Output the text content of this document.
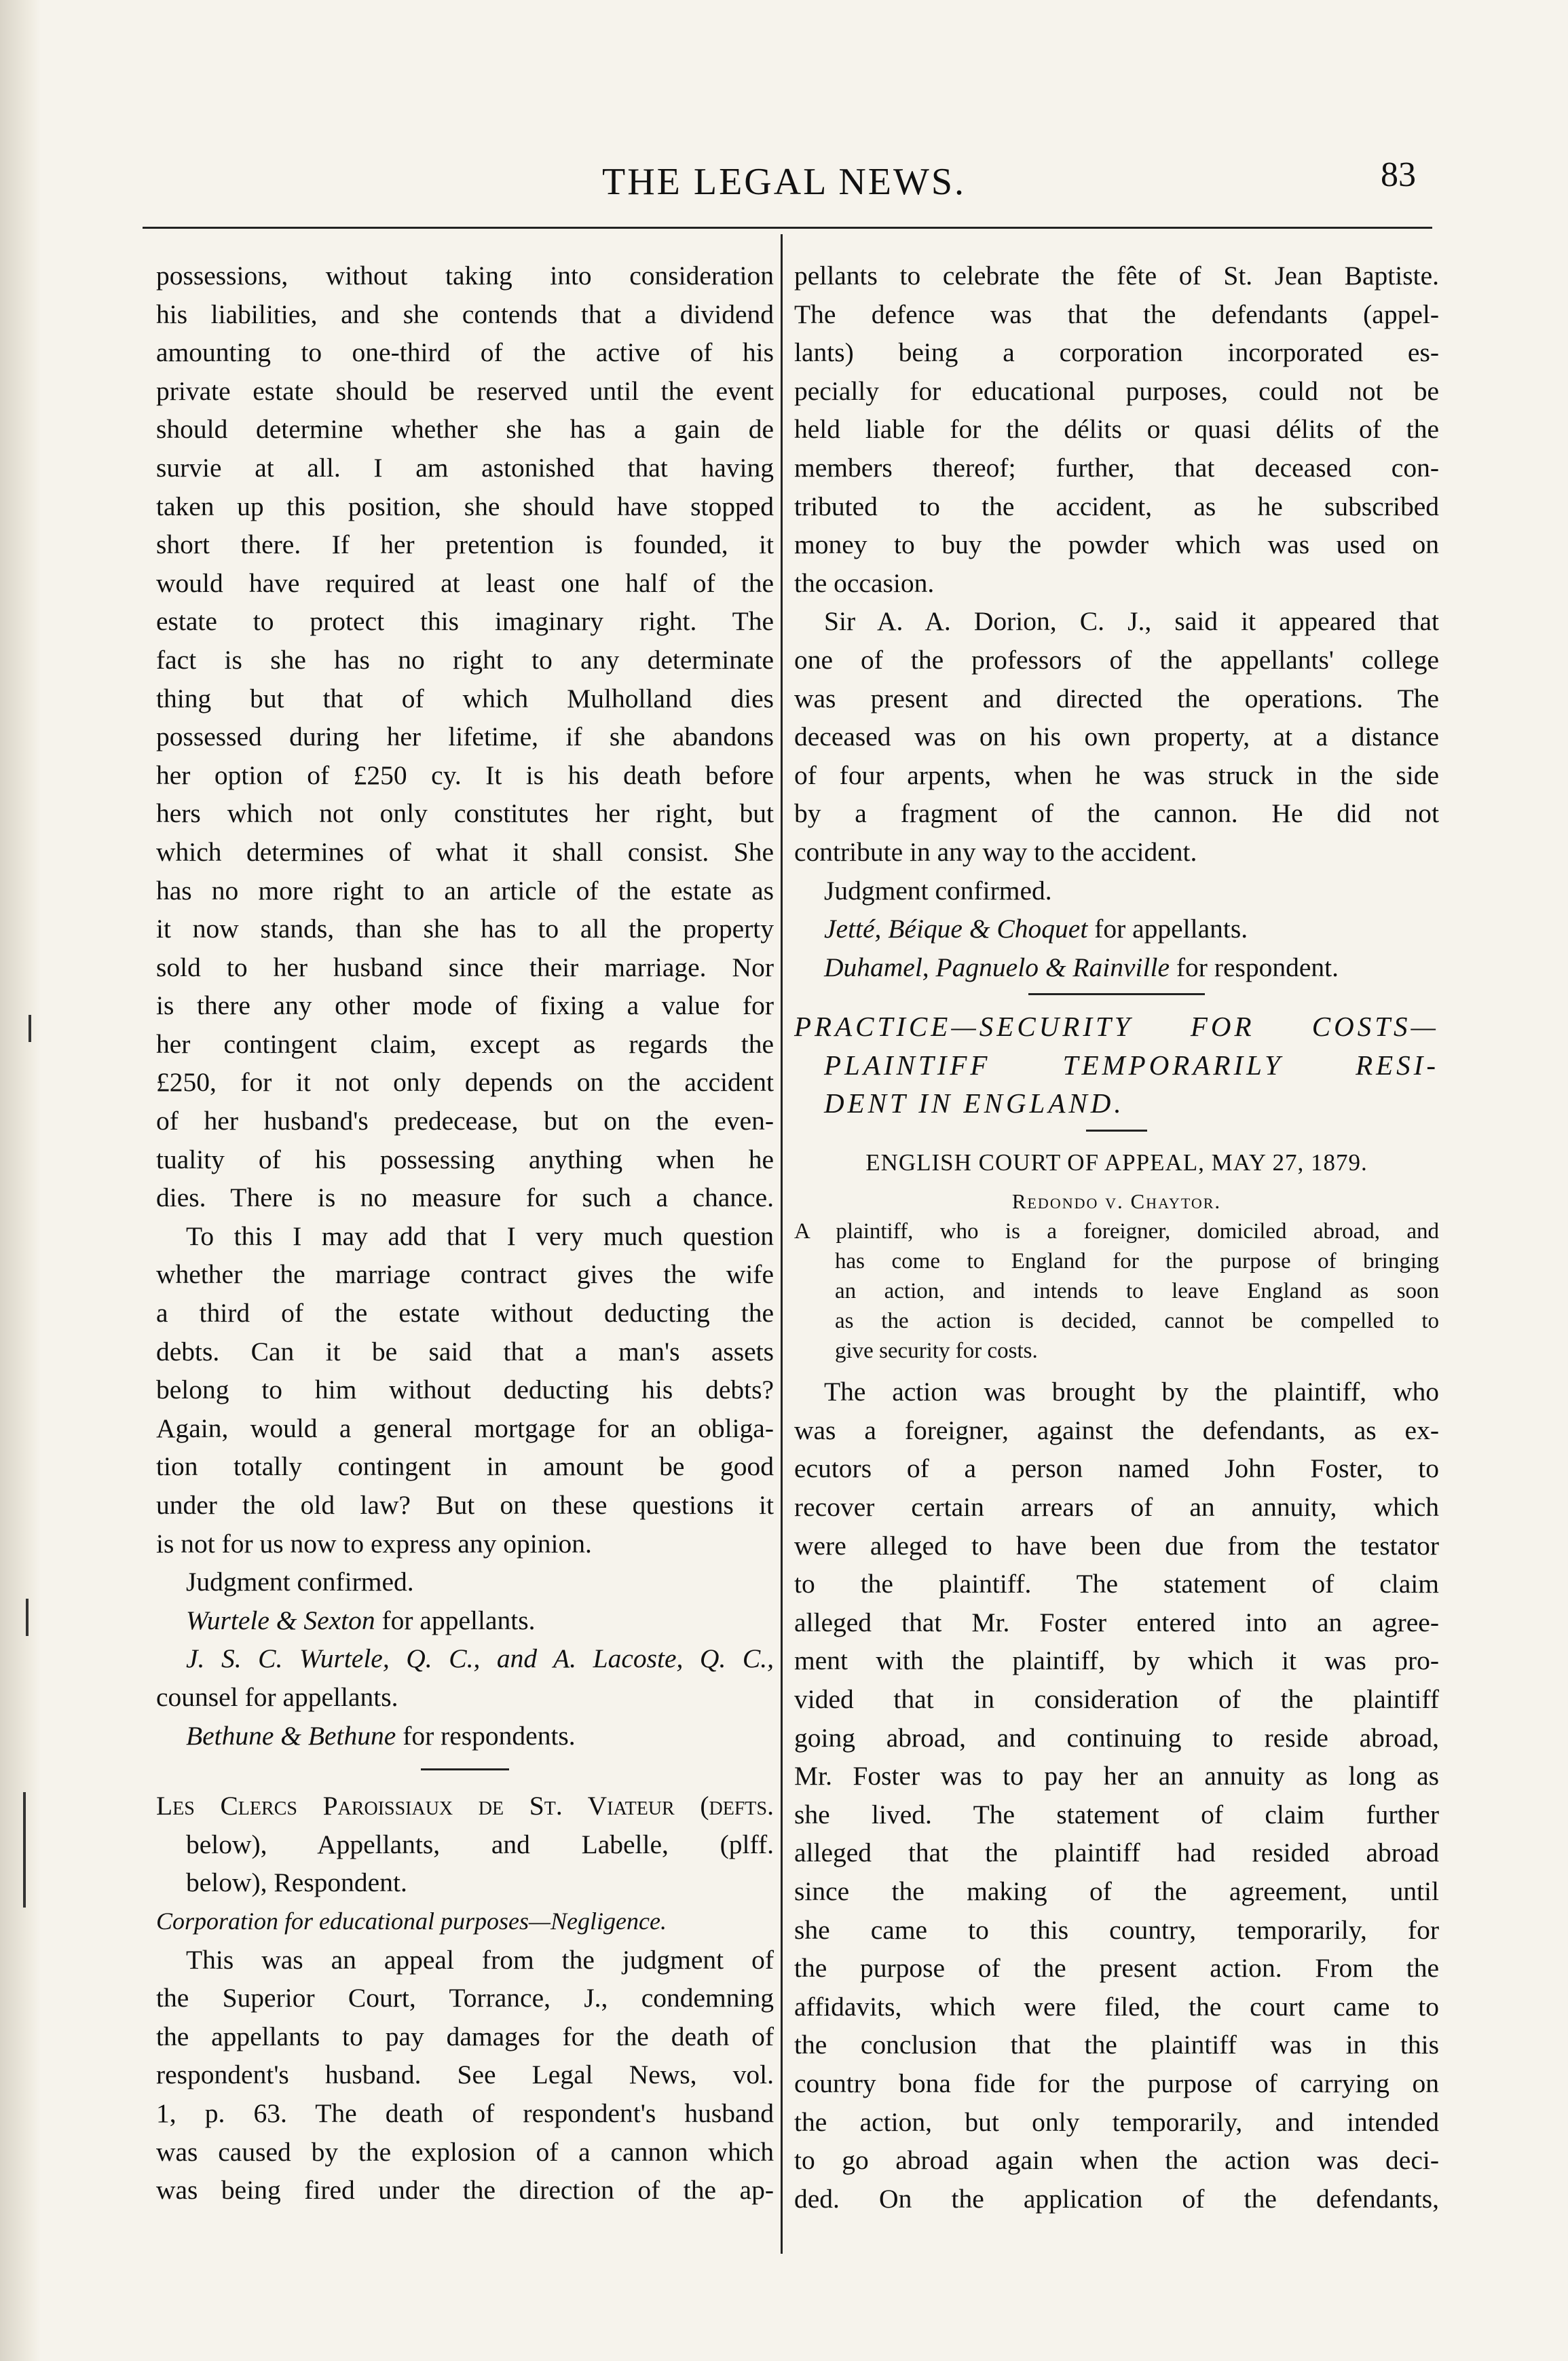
THE LEGAL NEWS.	83
possessions, without taking into consideration
his liabilities, and she contends that a dividend
amounting to one-third of the active of his
private estate should be reserved until the event
should determine whether she has a gain de
survie at all. I am astonished that having
taken up this position, she should have stopped
short there. If her pretention is founded, it
would have required at least one half of the
estate to protect this imaginary right. The
fact is she has no right to any determinate
thing but that of which Mulholland dies
possessed during her lifetime, if she abandons
her option of £250 cy. It is his death before
hers which not only constitutes her right, but
which determines of what it shall consist. She
has no more right to an article of the estate as
it now stands, than she has to all the property
sold to her husband since their marriage. Nor
is there any other mode of fixing a value for
her contingent claim, except as regards the
£250, for it not only depends on the accident
of her husband's predecease, but on the even-
tuality of his possessing anything when he
dies. There is no measure for such a chance.
To this I may add that I very much question
whether the marriage contract gives the wife
a third of the estate without deducting the
debts. Can it be said that a man's assets
belong to him without deducting his debts?
Again, would a general mortgage for an obliga-
tion totally contingent in amount be good
under the old law? But on these questions it
is not for us now to express any opinion.
Judgment confirmed.
Wurtele & Sexton for appellants.
J. S. C. Wurtele, Q. C., and A. Lacoste, Q. C.,
counsel for appellants.
Bethune & Bethune for respondents.
Les Clercs Paroissiaux de St. Viateur (defts.
below), Appellants, and Labelle, (plff.
below), Respondent.
Corporation for educational purposes—Negligence.
This was an appeal from the judgment of
the Superior Court, Torrance, J., condemning
the appellants to pay damages for the death of
respondent's husband. See Legal News, vol.
1, p. 63. The death of respondent's husband
was caused by the explosion of a cannon which
was being fired under the direction of the ap-
pellants to celebrate the fête of St. Jean Baptiste.
The defence was that the defendants (appel-
lants) being a corporation incorporated es-
pecially for educational purposes, could not be
held liable for the délits or quasi délits of the
members thereof; further, that deceased con-
tributed to the accident, as he subscribed
money to buy the powder which was used on
the occasion.
Sir A. A. Dorion, C. J., said it appeared that
one of the professors of the appellants' college
was present and directed the operations. The
deceased was on his own property, at a distance
of four arpents, when he was struck in the side
by a fragment of the cannon. He did not
contribute in any way to the accident.
Judgment confirmed.
Jetté, Béique & Choquet for appellants.
Duhamel, Pagnuelo & Rainville for respondent.
PRACTICE—SECURITY FOR COSTS—
PLAINTIFF TEMPORARILY RESI-
DENT IN ENGLAND.
ENGLISH COURT OF APPEAL, MAY 27, 1879.
Redondo v. Chaytor.
A plaintiff, who is a foreigner, domiciled abroad, and
has come to England for the purpose of bringing
an action, and intends to leave England as soon
as the action is decided, cannot be compelled to
give security for costs.
The action was brought by the plaintiff, who
was a foreigner, against the defendants, as ex-
ecutors of a person named John Foster, to
recover certain arrears of an annuity, which
were alleged to have been due from the testator
to the plaintiff. The statement of claim
alleged that Mr. Foster entered into an agree-
ment with the plaintiff, by which it was pro-
vided that in consideration of the plaintiff
going abroad, and continuing to reside abroad,
Mr. Foster was to pay her an annuity as long as
she lived. The statement of claim further
alleged that the plaintiff had resided abroad
since the making of the agreement, until
she came to this country, temporarily, for
the purpose of the present action. From the
affidavits, which were filed, the court came to
the conclusion that the plaintiff was in this
country bona fide for the purpose of carrying on
the action, but only temporarily, and intended
to go abroad again when the action was deci-
ded. On the application of the defendants,
